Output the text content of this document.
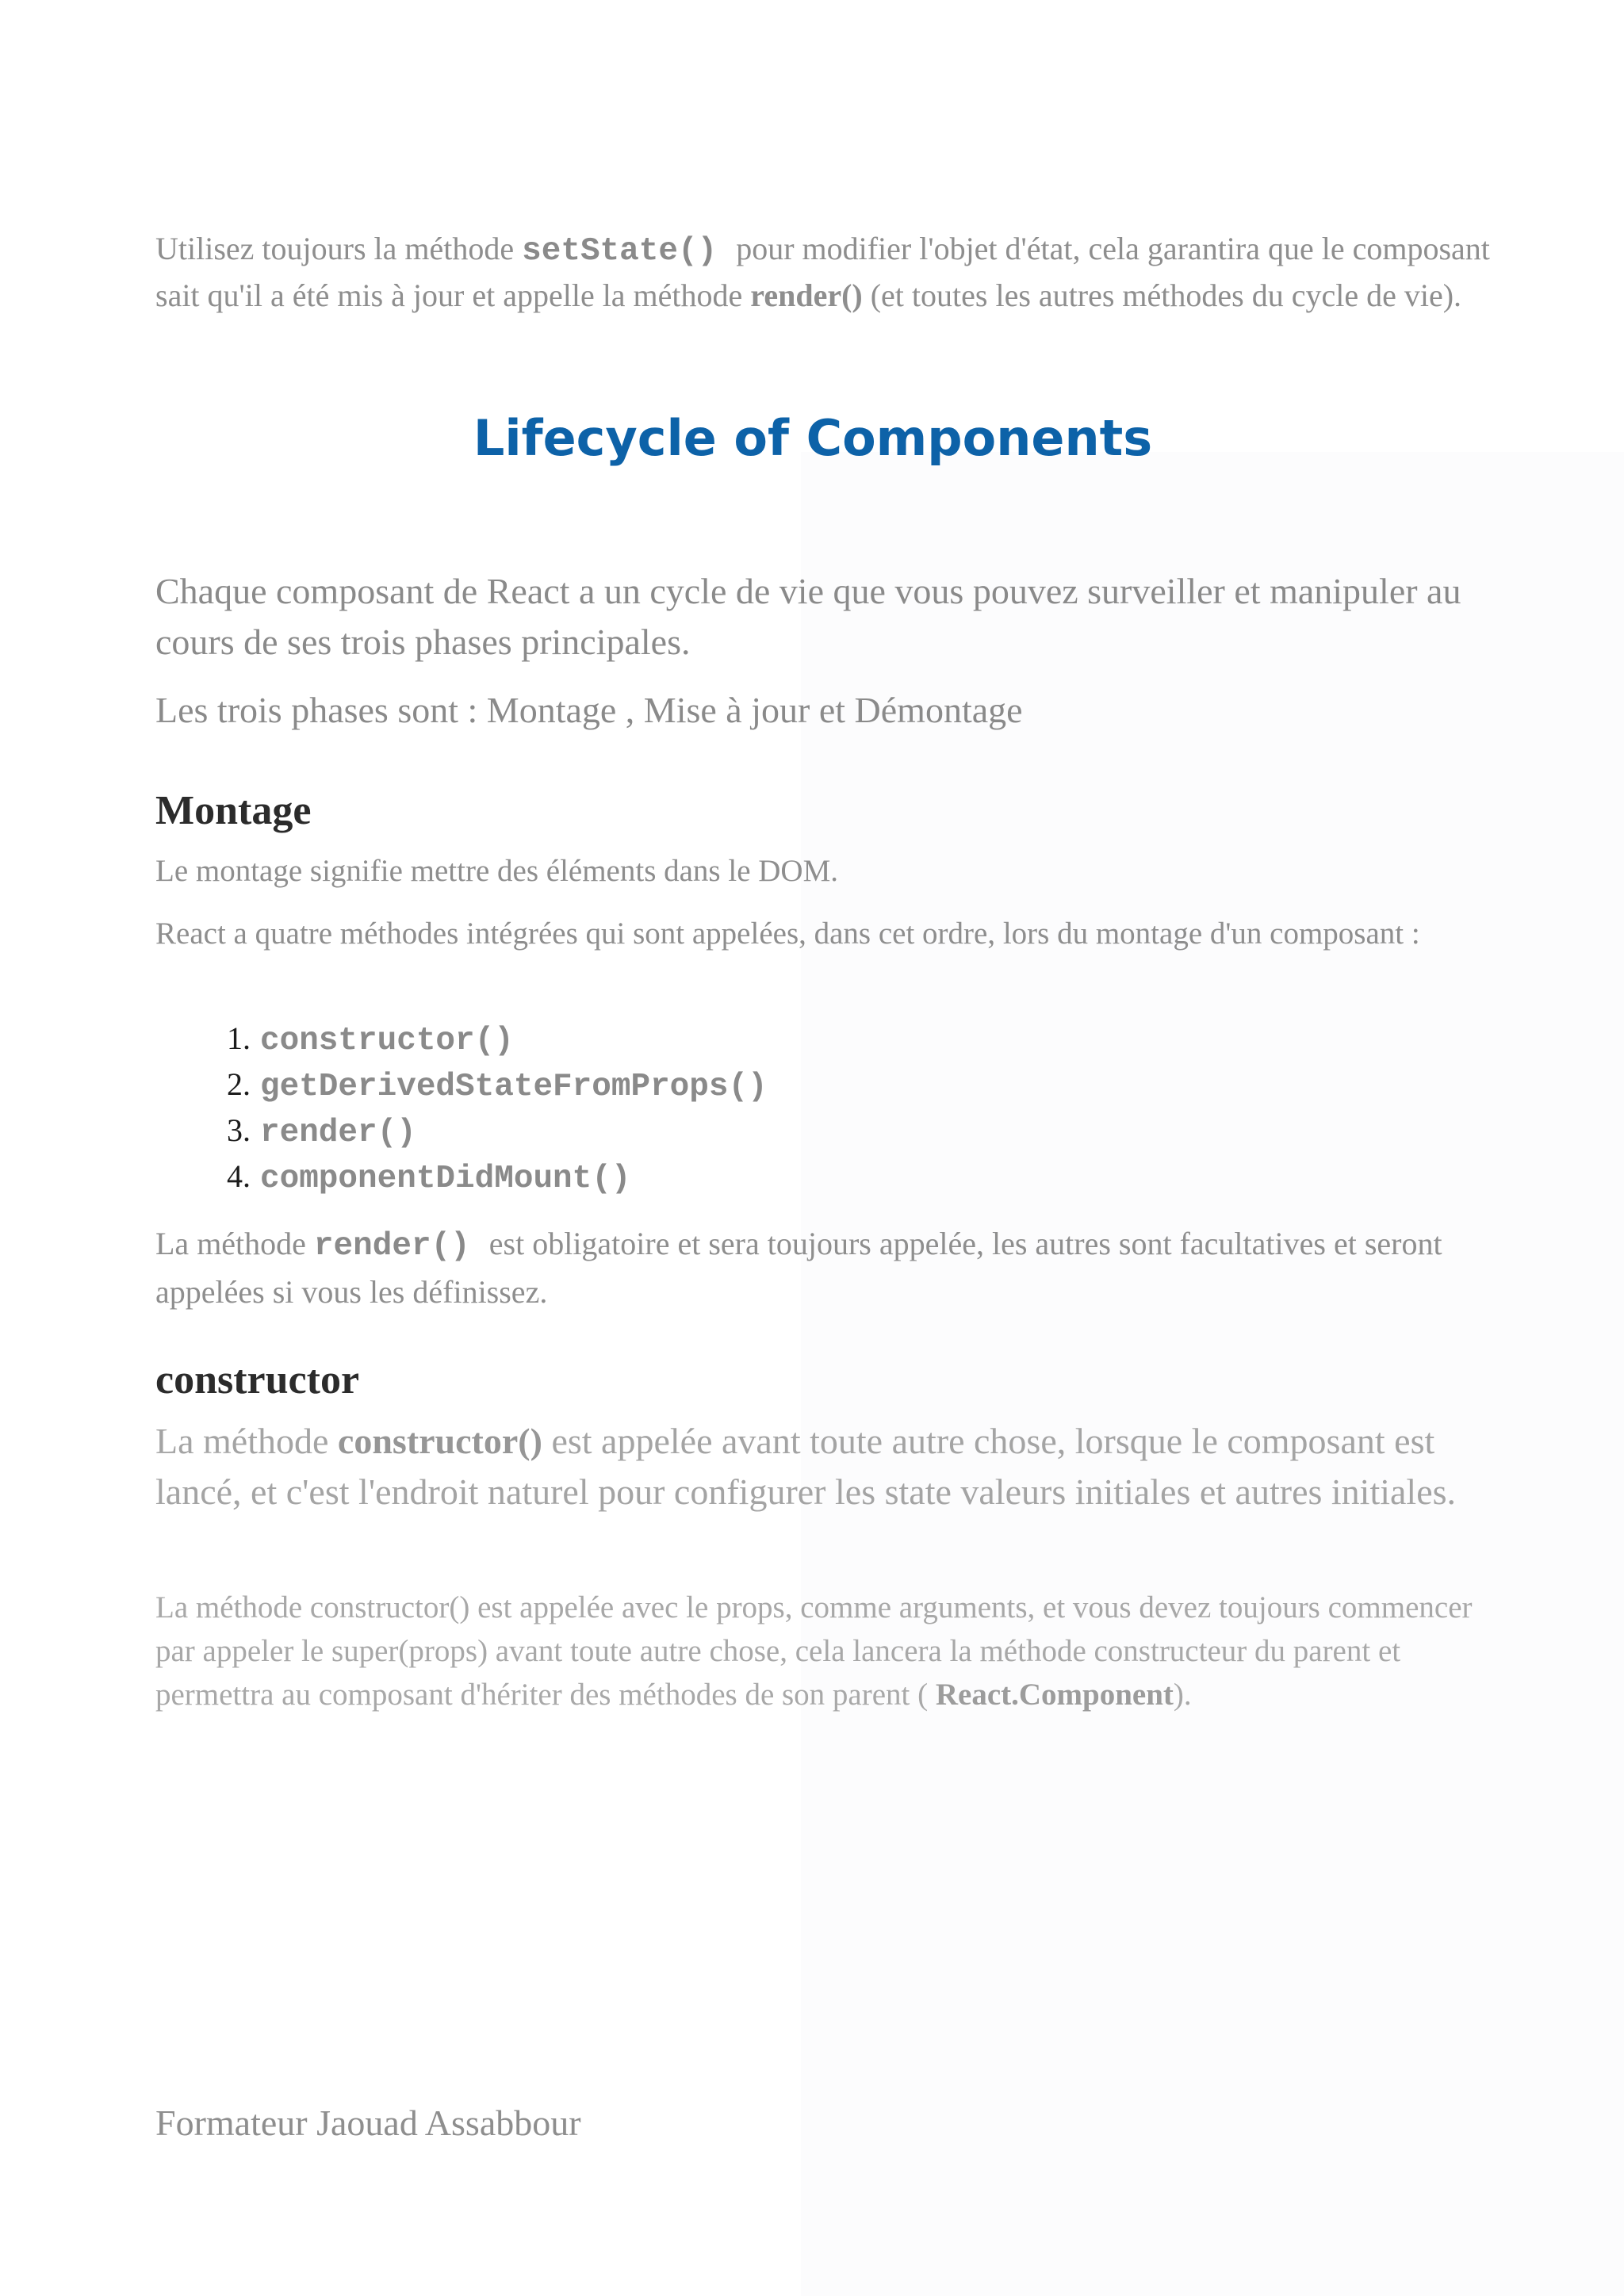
Utilisez toujours la méthode setState() pour modifier l'objet d'état, cela garantira que le composant sait qu'il a été mis à jour et appelle la méthode render() (et toutes les autres méthodes du cycle de vie).

Lifecycle of Components

Chaque composant de React a un cycle de vie que vous pouvez surveiller et manipuler au cours de ses trois phases principales.

Les trois phases sont : Montage , Mise à jour et Démontage

Montage

Le montage signifie mettre des éléments dans le DOM.

React a quatre méthodes intégrées qui sont appelées, dans cet ordre, lors du montage d'un composant :

1. constructor()
2. getDerivedStateFromProps()
3. render()
4. componentDidMount()

La méthode render() est obligatoire et sera toujours appelée, les autres sont facultatives et seront appelées si vous les définissez.

constructor

La méthode constructor() est appelée avant toute autre chose, lorsque le composant est lancé, et c'est l'endroit naturel pour configurer les state valeurs initiales et autres initiales.

La méthode constructor() est appelée avec le props, comme arguments, et vous devez toujours commencer par appeler le super(props) avant toute autre chose, cela lancera la méthode constructeur du parent et permettra au composant d'hériter des méthodes de son parent ( React.Component).

Formateur Jaouad Assabbour
